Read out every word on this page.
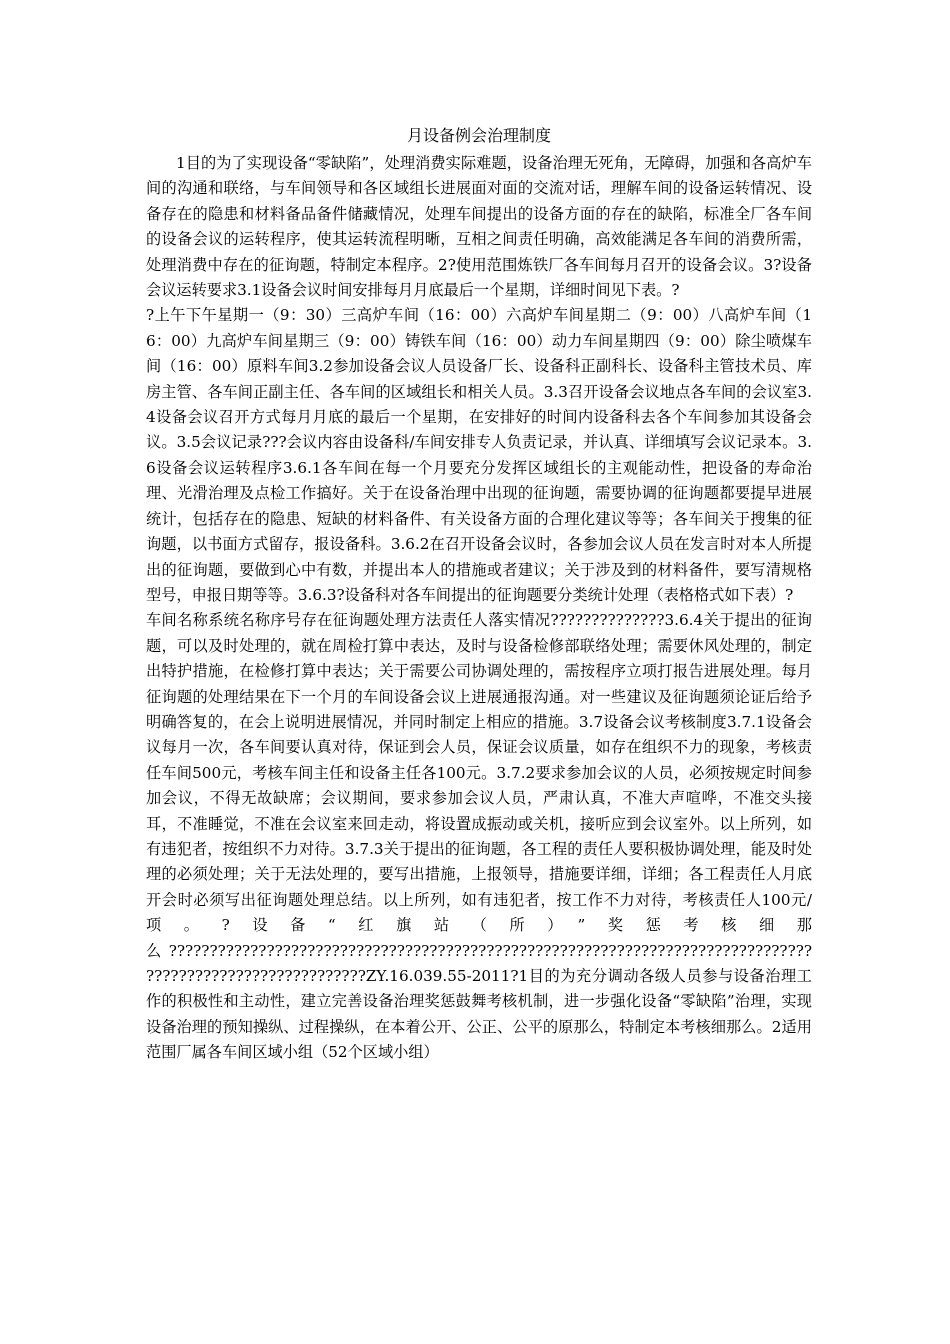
月设备例会治理制度

1目的为了实现设备“零缺陷”，处理消费实际难题，设备治理无死角，无障碍，加强和各高炉车间的沟通和联络，与车间领导和各区域组长进展面对面的交流对话，理解车间的设备运转情况、设备存在的隐患和材料备品备件储藏情况，处理车间提出的设备方面的存在的缺陷，标准全厂各车间的设备会议的运转程序，使其运转流程明晰，互相之间责任明确，高效能满足各车间的消费所需，处理消费中存在的征询题，特制定本程序。2?使用范围炼铁厂各车间每月召开的设备会议。3?设备会议运转要求3.1设备会议时间安排每月月底最后一个星期，详细时间见下表。?

?上午下午星期一（9：30）三高炉车间（16：00）六高炉车间星期二（9：00）八高炉车间（16：00）九高炉车间星期三（9：00）铸铁车间（16：00）动力车间星期四（9：00）除尘喷煤车间（16：00）原料车间3.2参加设备会议人员设备厂长、设备科正副科长、设备科主管技术员、库房主管、各车间正副主任、各车间的区域组长和相关人员。3.3召开设备会议地点各车间的会议室3.4设备会议召开方式每月月底的最后一个星期，在安排好的时间内设备科去各个车间参加其设备会议。3.5会议记录???会议内容由设备科/车间安排专人负责记录，并认真、详细填写会议记录本。3.6设备会议运转程序3.6.1各车间在每一个月要充分发挥区域组长的主观能动性，把设备的寿命治理、光滑治理及点检工作搞好。关于在设备治理中出现的征询题，需要协调的征询题都要提早进展统计，包括存在的隐患、短缺的材料备件、有关设备方面的合理化建议等等；各车间关于搜集的征询题，以书面方式留存，报设备科。3.6.2在召开设备会议时，各参加会议人员在发言时对本人所提出的征询题，要做到心中有数，并提出本人的措施或者建议；关于涉及到的材料备件，要写清规格型号，申报日期等等。3.6.3?设备科对各车间提出的征询题要分类统计处理（表格格式如下表）?

车间名称系统名称序号存在征询题处理方法责任人落实情况??????????????3.6.4关于提出的征询题，可以及时处理的，就在周检打算中表达，及时与设备检修部联络处理；需要休风处理的，制定出特护措施，在检修打算中表达；关于需要公司协调处理的，需按程序立项打报告进展处理。每月征询题的处理结果在下一个月的车间设备会议上进展通报沟通。对一些建议及征询题须论证后给予明确答复的，在会上说明进展情况，并同时制定上相应的措施。3.7设备会议考核制度3.7.1设备会议每月一次，各车间要认真对待，保证到会人员，保证会议质量，如存在组织不力的现象，考核责任车间500元，考核车间主任和设备主任各100元。3.7.2要求参加会议的人员，必须按规定时间参加会议，不得无故缺席；会议期间，要求参加会议人员，严肃认真，不准大声喧哗，不准交头接耳，不准睡觉，不准在会议室来回走动，将设置成振动或关机，接听应到会议室外。以上所列，如有违犯者，按组织不力对待。3.7.3关于提出的征询题，各工程的责任人要积极协调处理，能及时处理的必须处理；关于无法处理的，要写出措施，上报领导，措施要详细，详细；各工程责任人月底开会时必须写出征询题处理总结。以上所列，如有违犯者，按工作不力对待，考核责任人100元/项。?设备“红旗站（所）”奖惩考核细那么??????????????????????????????????????????????????????????????????????????????????????????????????????????ZY.16.039.55-2011?1目的为充分调动各级人员参与设备治理工作的积极性和主动性，建立完善设备治理奖惩鼓舞考核机制，进一步强化设备“零缺陷”治理，实现设备治理的预知操纵、过程操纵，在本着公开、公正、公平的原那么，特制定本考核细那么。2适用范围厂属各车间区域小组（52个区域小组）
